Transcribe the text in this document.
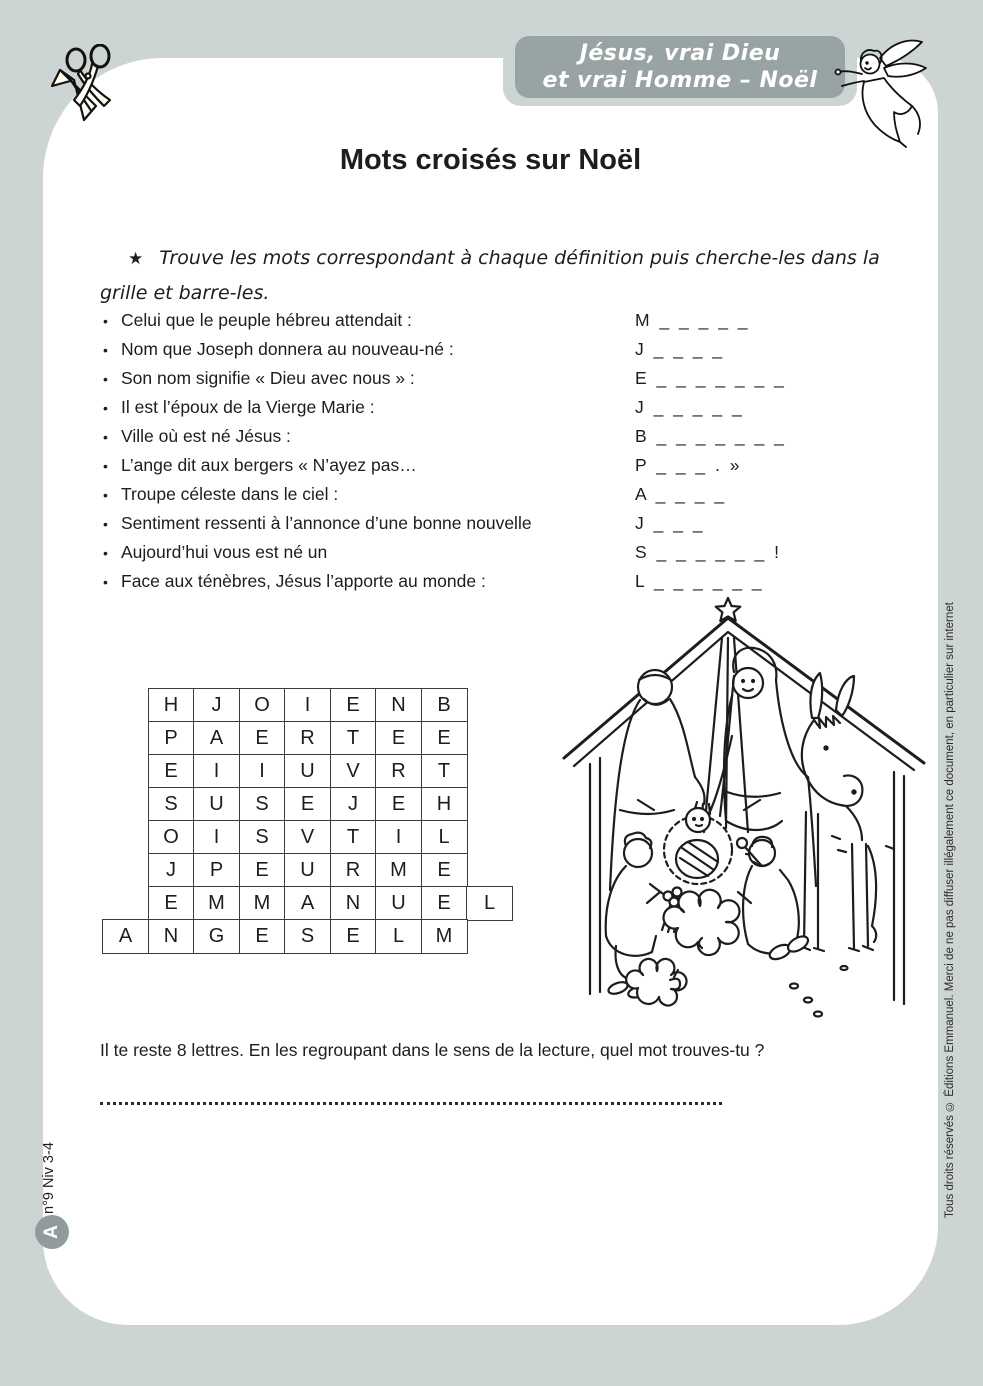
Jésus, vrai Dieu
et vrai Homme – Noël
Mots croisés sur Noël

★ Trouve les mots correspondant à chaque définition puis cherche-les dans la grille et barre-les.

• Celui que le peuple hébreu attendait :	M _ _ _ _ _
• Nom que Joseph donnera au nouveau-né :	J _ _ _ _
• Son nom signifie « Dieu avec nous » :	E _ _ _ _ _ _ _
• Il est l’époux de la Vierge Marie :	J _ _ _ _ _
• Ville où est né Jésus :	B _ _ _ _ _ _ _
• L’ange dit aux bergers « N’ayez pas…	P _ _ _ . »
• Troupe céleste dans le ciel :	A _ _ _ _
• Sentiment ressenti à l’annonce d’une bonne nouvelle	J _ _ _
• Aujourd’hui vous est né un	S _ _ _ _ _ _ !
• Face aux ténèbres, Jésus l’apporte au monde :	L _ _ _ _ _ _
H	J	O	I	E	N	B
P	A	E	R	T	E	E
E	I	I	U	V	R	T
S	U	S	E	J	E	H
O	I	S	V	T	I	L
J	P	E	U	R	M	E
E	M	M	A	N	U	E	L
A	N	G	E	S	E	L	M
Il te reste 8 lettres. En les regroupant dans le sens de la lecture, quel mot trouves-tu ?	Tous droits réservés © Éditions Emmanuel. Merci de ne pas diffuser illégalement ce document, en particulier sur internet
n°9 Niv 3-4
A
